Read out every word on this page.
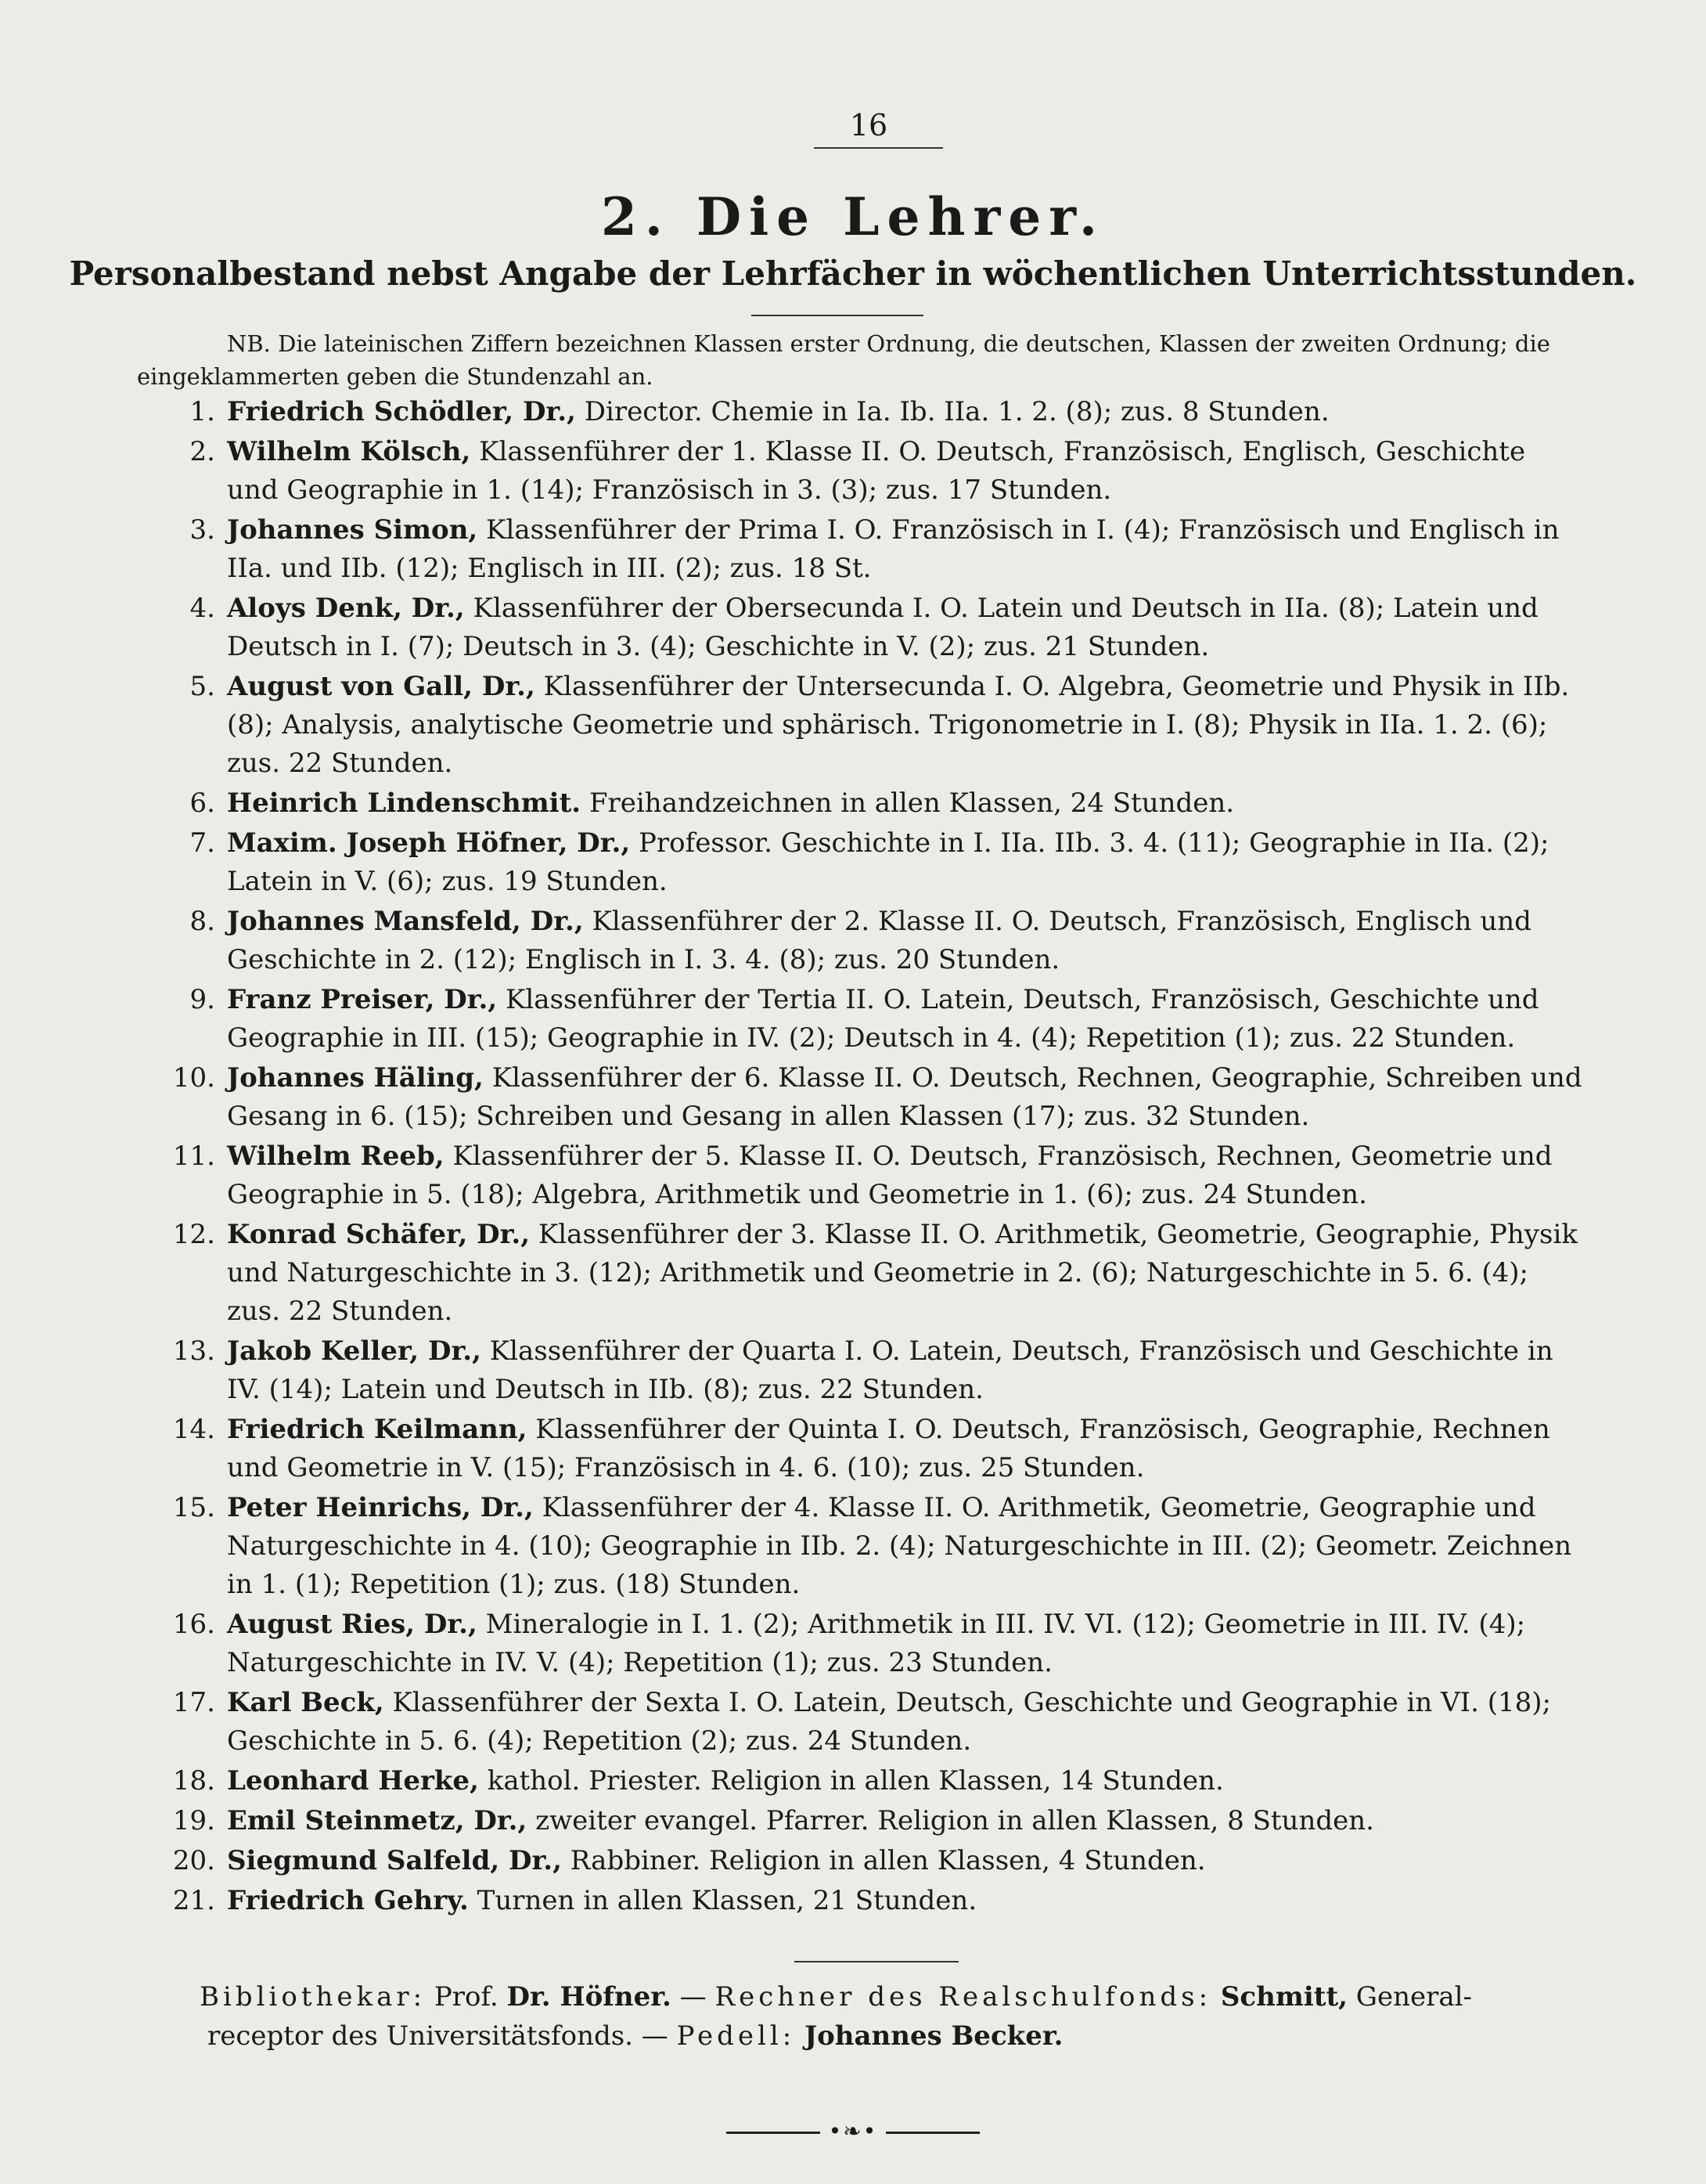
16
2. Die Lehrer.
Personalbestand nebst Angabe der Lehrfächer in wöchentlichen Unterrichtsstunden.
NB. Die lateinischen Ziffern bezeichnen Klassen erster Ordnung, die deutschen, Klassen der zweiten Ordnung; die eingeklammerten geben die Stundenzahl an.
1. Friedrich Schödler, Dr., Director. Chemie in Ia. Ib. IIa. 1. 2. (8); zus. 8 Stunden.
2. Wilhelm Kölsch, Klassenführer der 1. Klasse II. O. Deutsch, Französisch, Englisch, Geschichte und Geographie in 1. (14); Französisch in 3. (3); zus. 17 Stunden.
3. Johannes Simon, Klassenführer der Prima I. O. Französisch in I. (4); Französisch und Englisch in IIa. und IIb. (12); Englisch in III. (2); zus. 18 St.
4. Aloys Denk, Dr., Klassenführer der Obersecunda I. O. Latein und Deutsch in IIa. (8); Latein und Deutsch in I. (7); Deutsch in 3. (4); Geschichte in V. (2); zus. 21 Stunden.
5. August von Gall, Dr., Klassenführer der Untersecunda I. O. Algebra, Geometrie und Physik in IIb. (8); Analysis, analytische Geometrie und sphärisch. Trigonometrie in I. (8); Physik in IIa. 1. 2. (6); zus. 22 Stunden.
6. Heinrich Lindenschmit. Freihandzeichnen in allen Klassen, 24 Stunden.
7. Maxim. Joseph Höfner, Dr., Professor. Geschichte in I. IIa. IIb. 3. 4. (11); Geographie in IIa. (2); Latein in V. (6); zus. 19 Stunden.
8. Johannes Mansfeld, Dr., Klassenführer der 2. Klasse II. O. Deutsch, Französisch, Englisch und Geschichte in 2. (12); Englisch in I. 3. 4. (8); zus. 20 Stunden.
9. Franz Preiser, Dr., Klassenführer der Tertia II. O. Latein, Deutsch, Französisch, Geschichte und Geographie in III. (15); Geographie in IV. (2); Deutsch in 4. (4); Repetition (1); zus. 22 Stunden.
10. Johannes Häling, Klassenführer der 6. Klasse II. O. Deutsch, Rechnen, Geographie, Schreiben und Gesang in 6. (15); Schreiben und Gesang in allen Klassen (17); zus. 32 Stunden.
11. Wilhelm Reeb, Klassenführer der 5. Klasse II. O. Deutsch, Französisch, Rechnen, Geometrie und Geographie in 5. (18); Algebra, Arithmetik und Geometrie in 1. (6); zus. 24 Stunden.
12. Konrad Schäfer, Dr., Klassenführer der 3. Klasse II. O. Arithmetik, Geometrie, Geographie, Physik und Naturgeschichte in 3. (12); Arithmetik und Geometrie in 2. (6); Naturgeschichte in 5. 6. (4); zus. 22 Stunden.
13. Jakob Keller, Dr., Klassenführer der Quarta I. O. Latein, Deutsch, Französisch und Geschichte in IV. (14); Latein und Deutsch in IIb. (8); zus. 22 Stunden.
14. Friedrich Keilmann, Klassenführer der Quinta I. O. Deutsch, Französisch, Geographie, Rechnen und Geometrie in V. (15); Französisch in 4. 6. (10); zus. 25 Stunden.
15. Peter Heinrichs, Dr., Klassenführer der 4. Klasse II. O. Arithmetik, Geometrie, Geographie und Naturgeschichte in 4. (10); Geographie in IIb. 2. (4); Naturgeschichte in III. (2); Geometr. Zeichnen in 1. (1); Repetition (1); zus. (18) Stunden.
16. August Ries, Dr., Mineralogie in I. 1. (2); Arithmetik in III. IV. VI. (12); Geometrie in III. IV. (4); Naturgeschichte in IV. V. (4); Repetition (1); zus. 23 Stunden.
17. Karl Beck, Klassenführer der Sexta I. O. Latein, Deutsch, Geschichte und Geographie in VI. (18); Geschichte in 5. 6. (4); Repetition (2); zus. 24 Stunden.
18. Leonhard Herke, kathol. Priester. Religion in allen Klassen, 14 Stunden.
19. Emil Steinmetz, Dr., zweiter evangel. Pfarrer. Religion in allen Klassen, 8 Stunden.
20. Siegmund Salfeld, Dr., Rabbiner. Religion in allen Klassen, 4 Stunden.
21. Friedrich Gehry. Turnen in allen Klassen, 21 Stunden.
Bibliothekar: Prof. Dr. Höfner. — Rechner des Realschulfonds: Schmitt, General-receptor des Universitätsfonds. — Pedell: Johannes Becker.
•❧•
